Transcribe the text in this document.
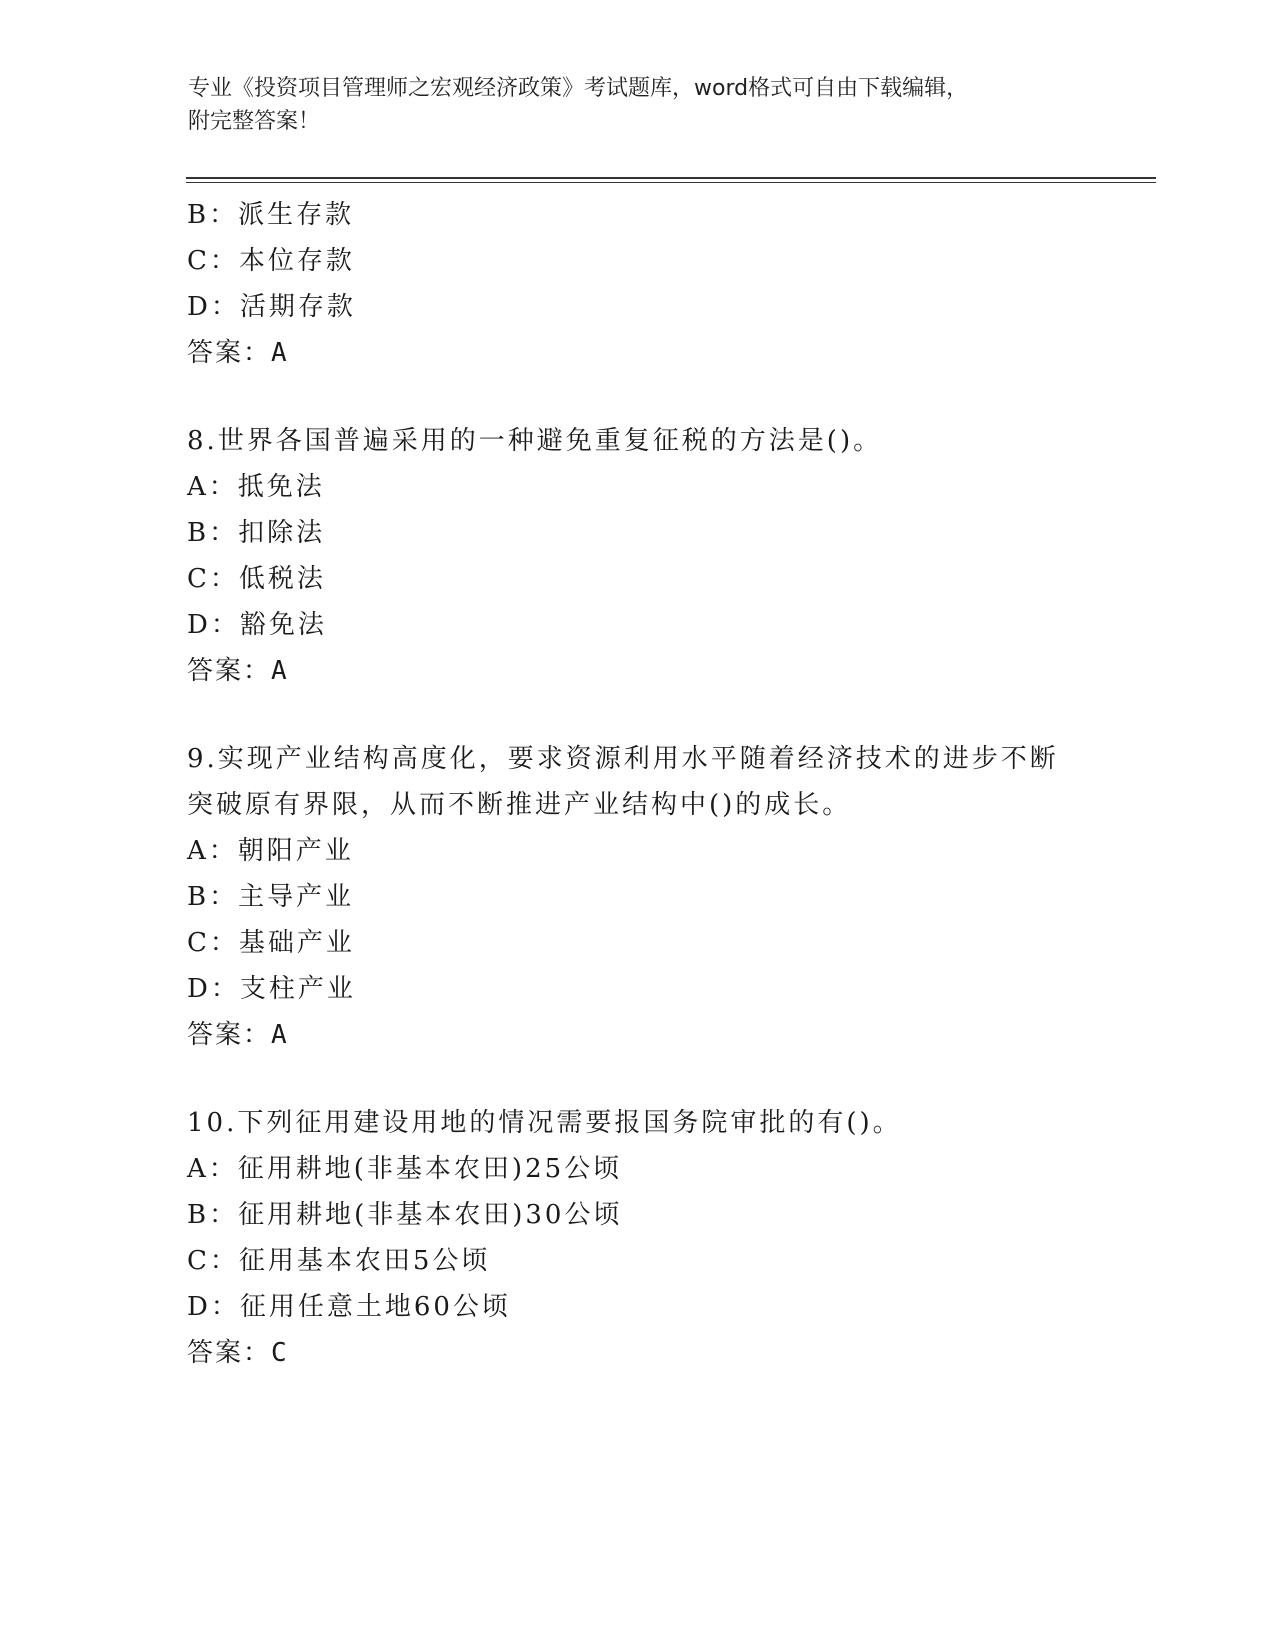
专业《投资项目管理师之宏观经济政策》考试题库，word格式可自由下载编辑，
附完整答案！
B：派生存款
C：本位存款
D：活期存款
答案：A
8.世界各国普遍采用的一种避免重复征税的方法是()。
A：抵免法
B：扣除法
C：低税法
D：豁免法
答案：A
9.实现产业结构高度化，要求资源利用水平随着经济技术的进步不断突破原有界限，从而不断推进产业结构中()的成长。
A：朝阳产业
B：主导产业
C：基础产业
D：支柱产业
答案：A
10.下列征用建设用地的情况需要报国务院审批的有()。
A：征用耕地(非基本农田)25公顷
B：征用耕地(非基本农田)30公顷
C：征用基本农田5公顷
D：征用任意土地60公顷
答案：C
